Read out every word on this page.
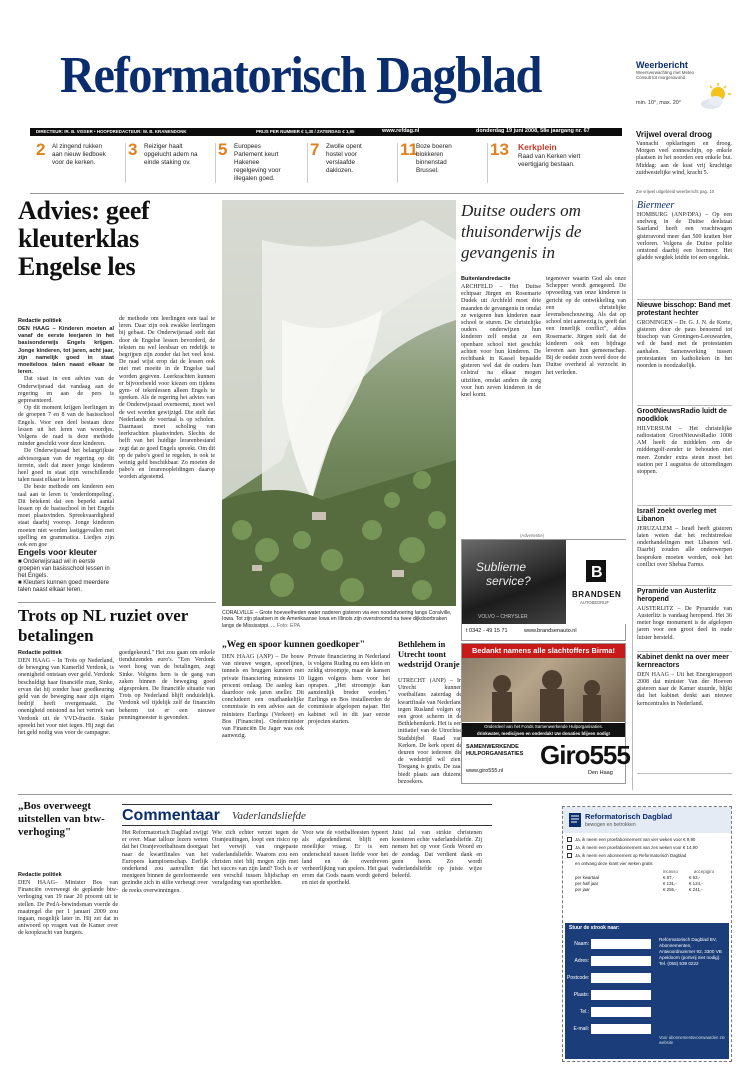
Reformatorisch Dagblad	Weerbericht
Weersverwachting met Meteo Consult tot morgenavond
min. 10°, max. 20°
DIRECTEUR: IR. B. VISSER • HOOFDREDACTEUR: W. B. KRANENDONK	PRIJS PER NUMMER € 1,30 / ZATERDAG € 1,95	www.refdag.nl	donderdag 19 juni 2008, 58e jaargang nr. 67	Vrijwel overal droog
Vannacht opklaringen en droog. Morgen veel zonneschijn, op enkele plaatsen in het noorden een enkele bui. Middag: aan de kust vrij kruchtige zuidwestelijke wind, kracht 5.
Zie vrijwel uitgebreid weerbericht pag. 10
2 Al zingend rukken aan nieuw liedboek voor de kerken.
3 Reiziger haalt opgelucht adem na einde staking ov.
5 Europees Parlement keurt Hakenee regelgeving voor illegalen goed.
7 Zwolle opent hostel voor verslaafde daklozen.
11
Boze boeren blokkeren binnenstad Brussel.
13 Kerkplein
Raad van Kerken viert veertigjarig bestaan.
Advies: geef kleuterklas Engelse les
Redactie politiek
DEN HAAG – Kinderen moeten al vanaf de eerste leerjaren in het basisonderwijs Engels krijgen. Jonge kinderen, tot jaren, acht jaar, zijn namelijk goed in staat moeiteloos talen naast elkaar te leren.

Dat staat in een advies van de Onderwijsraad dat vandaag aan de regering en aan de pers is gepresenteerd.

Op dit moment krijgen leerlingen in de groepen 7 en 8 van de basisschool Engels. Voor een deel bestaan deze lessen uit het leren van woordjes. Volgens de raad is deze methode minder geschikt voor deze kinderen.

De Onderwijsraad het belangrijkste adviesorgaan van de regering op dit terrein, stelt dat meer jonge kinderen heel goed in staat zijn verschillende talen naast elkaar te leren.

De beste methode om kinderen een taal aan te leren is 'onderdompeling'. Dit betekent dat een beperkt aantal lessen op de basisschool in het Engels moet plaatsvinden. Spreekvaardigheid staat daarbij voorop. Jonge kinderen moeten niet worden lastiggevallen met spelling en grammatica. Liedjes zijn ook een goe

Engels voor kleuter
■ Onderwijsraad wil in eerste groepen van basisschool lessen in het Engels.
■ Kleuters kunnen goed meerdere talen naast elkaar leren.
de methode om leerlingen een taal te leren. Daar zijn ook zwakke leerlingen bij gebaat. De Onderwijsraad stelt dat door de Engelse lessen bevorderd, de teksten nu wel leesbaar en redelijk te begrijpen zijn zonder dat het veel kost. De raad wijst erop dat de lessen ook niet met moeite in de Engelse taal worden gegeven. Leerkrachten kunnen er bijvoorbeeld voor kiezen om tijdens gym- of tekenlessen alleen Engels te spreken. Als de regering het advies van de Onderwijsraad overneemt, moet wel de wet worden gewijzigd. Die stelt dat Nederlands de voertaal is op scholen. Daarnaast moet scholing van leerkrachten plaatsvinden. Slechts de helft van het huidige lerarenbestand zegt dat ze goed Engels spreekt. Om dit op de pabo's goed te regelen, is ook te weinig geld beschikbaar. Zo moeten de pabo's en lerarenopleidingen daarop worden afgestemd.
CORALVILLE – Grote hoeveelheden water naderen gisteren via een noodafvoering langs Coralville, Iowa. Tot zijn plaatsen in de Amerikaanse Iowa en Illinois zijn overstroomd na twee dijkdoorbraken langs de Mississippi. ... Foto: EPA
Duitse ouders om thuisonderwijs de gevangenis in
Buitenlandredactie
ARCHFELD – Het Duitse echtpaar Jürgen en Rosemarie Dudek uit Archfeld moet drie maanden de gevangenis in omdat ze weigeren hun kinderen naar school te sturen. De christelijke ouders onderwijzen hun kinderen zelf omdat ze een openbare school niet geschikt achten voor hun kinderen. De rechtbank in Kassel bepaalde gisteren wel dat de ouders hun celstraf na elkaar mogen uitzitten, omdat anders de zorg voor hun zeven kinderen in de knel komt.
tegenover waarin God als onze Schepper wordt genegeerd. De opvoeding van onze kinderen is gericht op de ontwikkeling van een christelijke levensbeschouwing. Als dat op school niet aanwezig is, geeft dat een innerlijk conflict", aldus Rosemarie. Jürgen stelt dat de kinderen ook een bijdrage leveren aan hun gemeenschap. Bij de oudste zoon werd door de Duitse overheid al verzocht in het verleden.
(Advertentie)
Sublieme
service?
VOLVO – CHRYSLER
B
BRANDSEN
AUTOBEDRIJF
t 0342 - 49 15 71	www.brandsenauto.nl
Trots op NL ruziet over betalingen
Redactie politiek
DEN HAAG – In Trots op Nederland, de beweging van Kamerlid Verdonk, is onenigheid ontstaan over geld. Verdonk beschuldigt haar financiële man, Sinke, ervan dat hij zonder haar goedkeuring geld van de beweging naar zijn eigen bedrijf heeft overgemaakt. De onenigheid ontstond na het vertrek van Verdonk uit de VVD-fractie. Sinke spreekt het voor niet tegen. Hij zegt dat het geld nodig was voor de campagne.
goedgekeurd." Het zou gaan om enkele tienduizenden euro's. "Een Verdonk weet hoog van de betalingen, zegt Sinke. Volgens hem is de gang van zaken binnen de beweging goed afgesproken. De financiële situatie van Trots op Nederland blijft onduidelijk. Verdonk wil tijdelijk zelf de financiën beheren tot er een nieuwe penningmeester is gevonden.
„Weg en spoor kunnen goedkoper"
DEN HAAG (ANP) – De bouw van nieuwe wegen, spoorlijnen, tunnels en bruggen kunnen met private financiering minstens 10 procent omlaag. De aanleg kan daardoor ook jaren sneller. Dit concludeert een onafhankelijke commissie in een advies aan de ministers Eurlings (Verkeer) en Bos (Financiën). Onderminister van Financiën De Jager was ook aanwezig.
Private financiering in Nederland is volgens Ruding nu een klein en zeldig stroompje, maar de kansen liggen volgens hem voor het oprapen. „Het stroompje kan aanzienlijk breder worden." Eurlings en Bos installeerden de commissie afgelopen najaar. Het kabinet wil in dit jaar eerste projecten starten.
Bethlehem in Utrecht toont wedstrijd Oranje
UTRECHT (ANP) – In Utrecht kunnen voetbalfans zaterdag de kwartfinale van Nederland tegen Rusland volgen op een groot scherm in de Bethlehemkerk. Het is een initiatief van de Utrechtse Stadsbijbel Raad van Kerken. De kerk opent de deuren voor iedereen die de wedstrijd wil zien. Toegang is gratis. De zaal biedt plaats aan duizend bezoekers.
Bedankt namens alle slachtoffers Birma!
Onderdeel van het Fonds Samenwerkende Hulporganisaties.
drinkwater, medicijnen en onderdak! Uw donaties blijven nodig!
SAMENWERKENDE HULPORGANISATIES
www.giro555.nl
Giro555
Den Haag
Biermeer
HOMBURG (ANP/DPA) – Op een snelweg in de Duitse deelstaat Saarland heeft een vrachtwagen gisteravond meer dan 500 kratten bier verloren. Volgens de Duitse politie ontstond daarbij een biermeer. Het gladde wegdek leidde tot een ongeluk.
Nieuwe bisschop: Band met protestant hechter
GRONINGEN – Dr. G. J. N. de Korte, gisteren door de paus benoemd tot bisschop van Groningen-Leeuwarden, wil de band met de protestanten aanhalen. Samenwerking tussen protestanten en katholieken in het noorden is noodzakelijk.
GrootNieuwsRadio luidt de noodklok
HILVERSUM – Het christelijke radiostation GrootNieuwsRadio 1008 AM heeft de middelen om de middengolf-zender te behouden niet meer. Zonder extra steun moet het station per 1 augustus de uitzendingen stoppen.
Israël zoekt overleg met Libanon
JERUZALEM – Israël heeft gisteren laten weten dat het rechtstreekse onderhandelingen met Libanon wil. Daarbij zouden alle onderwerpen besproken moeten worden, ook het conflict over Shebaa Farms.
Pyramide van Austerlitz heropend
AUSTERLITZ – De Pyramide van Austerlitz is vandaag heropend. Het 36 meter hoge monument is de afgelopen jaren voor een groot deel in oude luister hersteld.
Kabinet denkt na over meer kernreactors
DEN HAAG – Uit het Energierapport 2008 dat minister Van der Hoeven gisteren naar de Kamer stuurde, blijkt dat het kabinet denkt aan nieuwe kerncentrales in Nederland.
„Bos overweegt uitstellen van btw-verhoging"
Redactie politiek
DEN HAAG– Minister Bos van Financiën overweegt de geplande btw-verhoging van 19 naar 20 procent uit te stellen. De PvdA-bewindsman voerde de maatregel die per 1 januari 2009 zou ingaan, mogelijk later in. Hij zei dat in antwoord op vragen van de Kamer over de koopkracht van burgers.
Commentaar Vaderlandsliefde
Het Reformatorisch Dagblad zwijgt er over. Maar talloze lezers weten dat het Oranjevoetbalteam doorgaat naar de kwartfinales van het Europees kampioenschap. Eerlijk onderkend zou aanvullen dat menigeen binnen de gereformeerde gezindte zich in stilte verheugt over de reeks overwinningen.
Wie zich echter verzet tegen de Oranjeuitingen, loopt een risico op het verwijt van ongepaste vaderlandsliefde. Waarom zou een christen niet blij mogen zijn met het succes van zijn land? Toch is er een verschil tussen blijdschap en verafgoding van sporthelden.
Voor wie de voetbalfeesten typeert als afgodendienst blijft een moeilijke vraag. Er is een onderscheid tussen liefde voor het land en de overdreven verheerlijking van spelers. Het gaat erom dat Gods naam wordt geëerd en niet de sportheld.
Juist tal van strikte christenen koesteren echte vaderlandsliefde. Zij nemen het op voor Gods Woord en de zondag. Dat verdient dank en geen hoon. Zo wordt vaderlandsliefde op juiste wijze beleefd.
Reformatorisch Dagblad
bewogen en betrokken
Ja, ik neem een proefabonnement van vier weken voor € 9,90
Ja, ik neem een proefabonnement van zes weken voor € 14,90
Ja, ik neem een abonnement op Reformatorisch Dagblad
en ontvang deze krant vier weken gratis
incasso	acceptgiro
per kwartaal	€ 67,-	€ 63,-
per half jaar	€ 131,-	€ 124,-
per jaar	€ 255,-	€ 241,-
Stuur de strook naar:
Naam:
Adres:
Postcode:
Plaats:
Tel.:
E-mail:
Reformatorisch Dagblad BV, Abonnementen, Antwoordnummer 92, 3300 VB Apeldoorn (portvrij niet nodig). Tel. (055) 539 0222
Voor abonnementsvoorwaarden zie website
